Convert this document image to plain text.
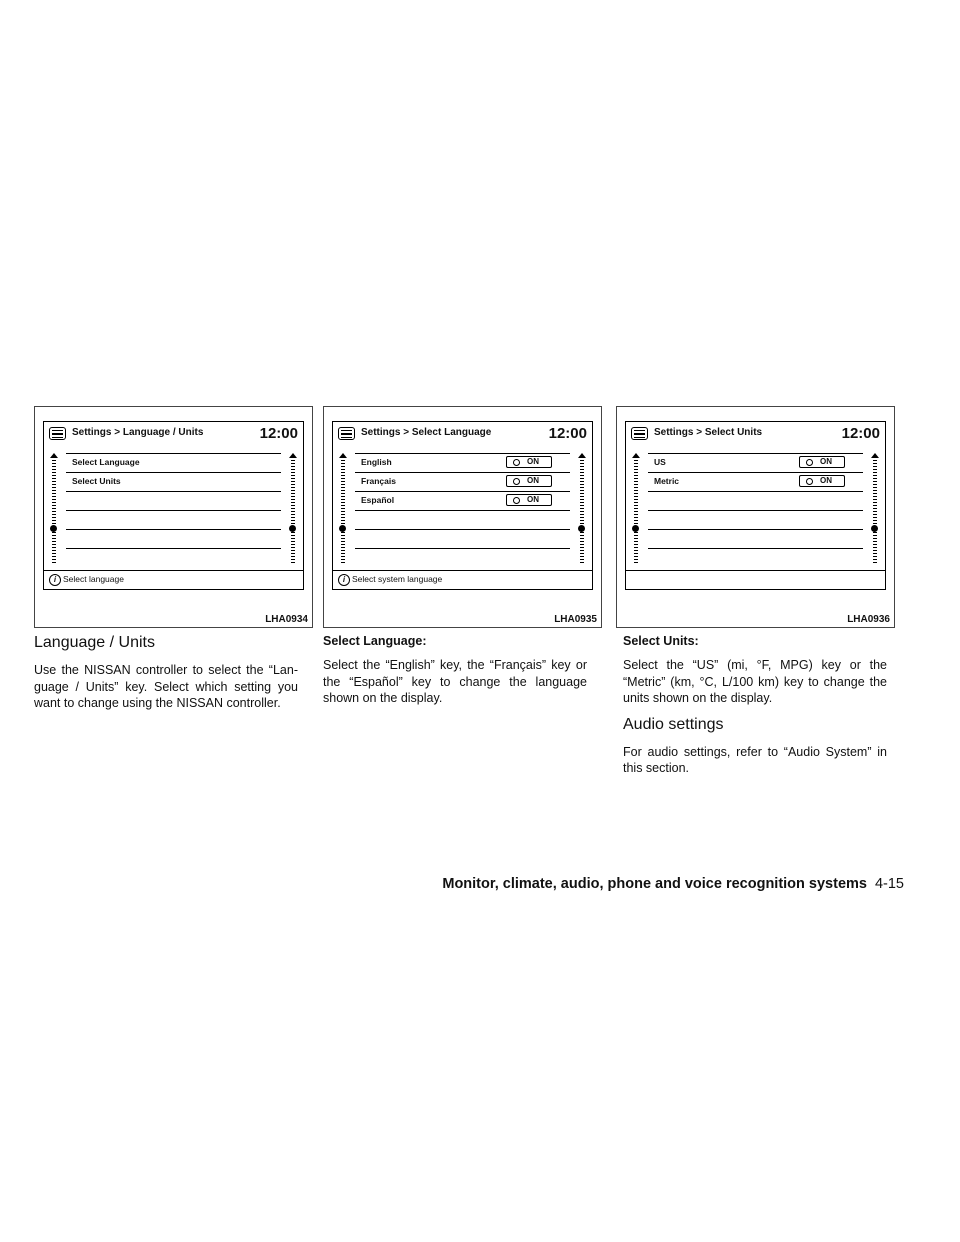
Settings > Language / Units	12:00
Select Language
Select Units
i Select language
LHA0934
Settings > Select Language	12:00
English	ON
Français	ON
Español	ON
i Select system language
LHA0935
Settings > Select Units	12:00
US	ON
Metric	ON
LHA0936
Language / Units

Use the NISSAN controller to select the “Lan-guage / Units” key. Select which setting you want to change using the NISSAN controller.

Select Language:

Select the “English” key, the “Français” key or the “Español” key to change the language shown on the display.

Select Units:

Select the “US” (mi, °F, MPG) key or the “Metric” (km, °C, L/100 km) key to change the units shown on the display.

Audio settings

For audio settings, refer to “Audio System” in this section.

Monitor, climate, audio, phone and voice recognition systems 4-15
